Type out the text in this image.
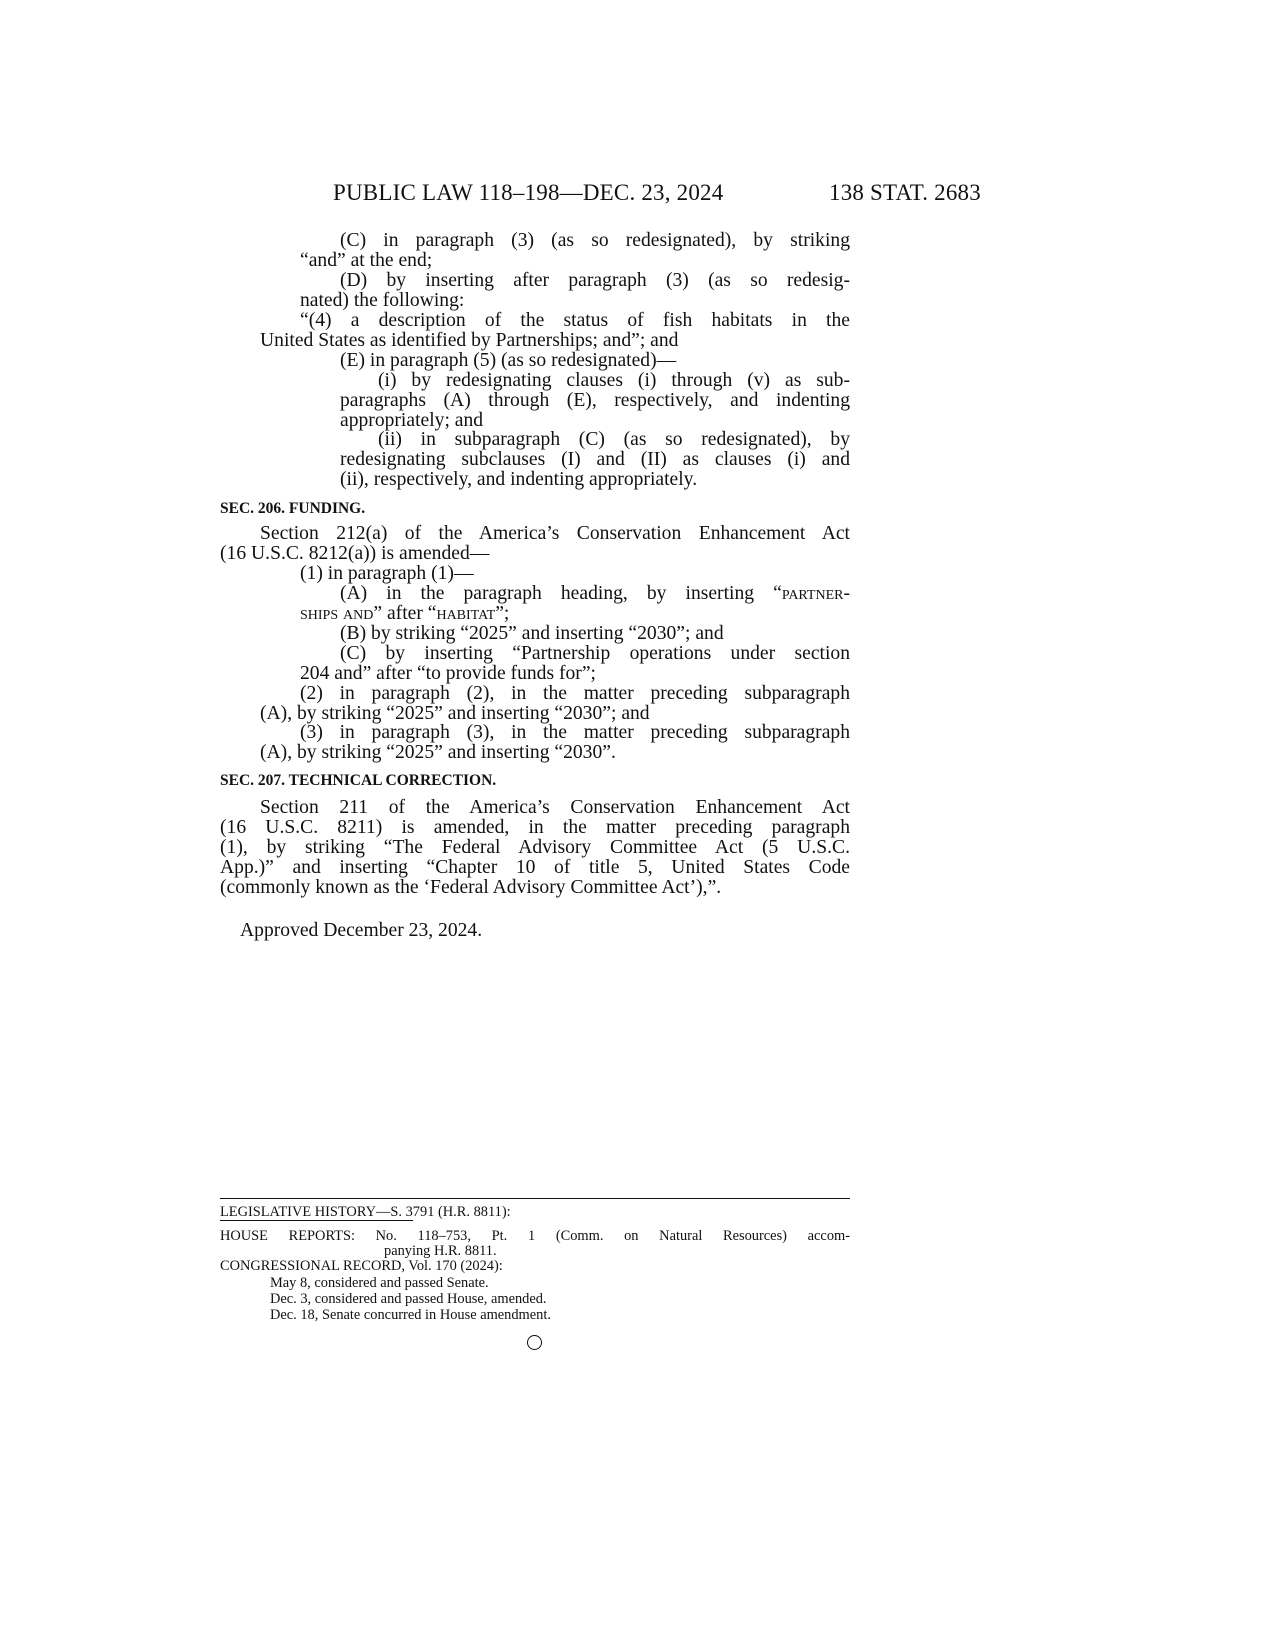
PUBLIC LAW 118–198—DEC. 23, 2024	138 STAT. 2683
(C) in paragraph (3) (as so redesignated), by striking
“and” at the end;
(D) by inserting after paragraph (3) (as so redesig-
nated) the following:
“(4) a description of the status of fish habitats in the
United States as identified by Partnerships; and”; and
(E) in paragraph (5) (as so redesignated)—
(i) by redesignating clauses (i) through (v) as sub-
paragraphs (A) through (E), respectively, and indenting
appropriately; and
(ii) in subparagraph (C) (as so redesignated), by
redesignating subclauses (I) and (II) as clauses (i) and
(ii), respectively, and indenting appropriately.
SEC. 206. FUNDING.
Section 212(a) of the America’s Conservation Enhancement Act
(16 U.S.C. 8212(a)) is amended—
(1) in paragraph (1)—
(A) in the paragraph heading, by inserting “partner-
ships and” after “habitat”;
(B) by striking “2025” and inserting “2030”; and
(C) by inserting “Partnership operations under section
204 and” after “to provide funds for”;
(2) in paragraph (2), in the matter preceding subparagraph
(A), by striking “2025” and inserting “2030”; and
(3) in paragraph (3), in the matter preceding subparagraph
(A), by striking “2025” and inserting “2030”.
SEC. 207. TECHNICAL CORRECTION.
Section 211 of the America’s Conservation Enhancement Act
(16 U.S.C. 8211) is amended, in the matter preceding paragraph
(1), by striking “The Federal Advisory Committee Act (5 U.S.C.
App.)” and inserting “Chapter 10 of title 5, United States Code
(commonly known as the ‘Federal Advisory Committee Act’),”.
Approved December 23, 2024.
LEGISLATIVE HISTORY—S. 3791 (H.R. 8811):
HOUSE REPORTS: No. 118–753, Pt. 1 (Comm. on Natural Resources) accom-
panying H.R. 8811.
CONGRESSIONAL RECORD, Vol. 170 (2024):
May 8, considered and passed Senate.
Dec. 3, considered and passed House, amended.
Dec. 18, Senate concurred in House amendment.
